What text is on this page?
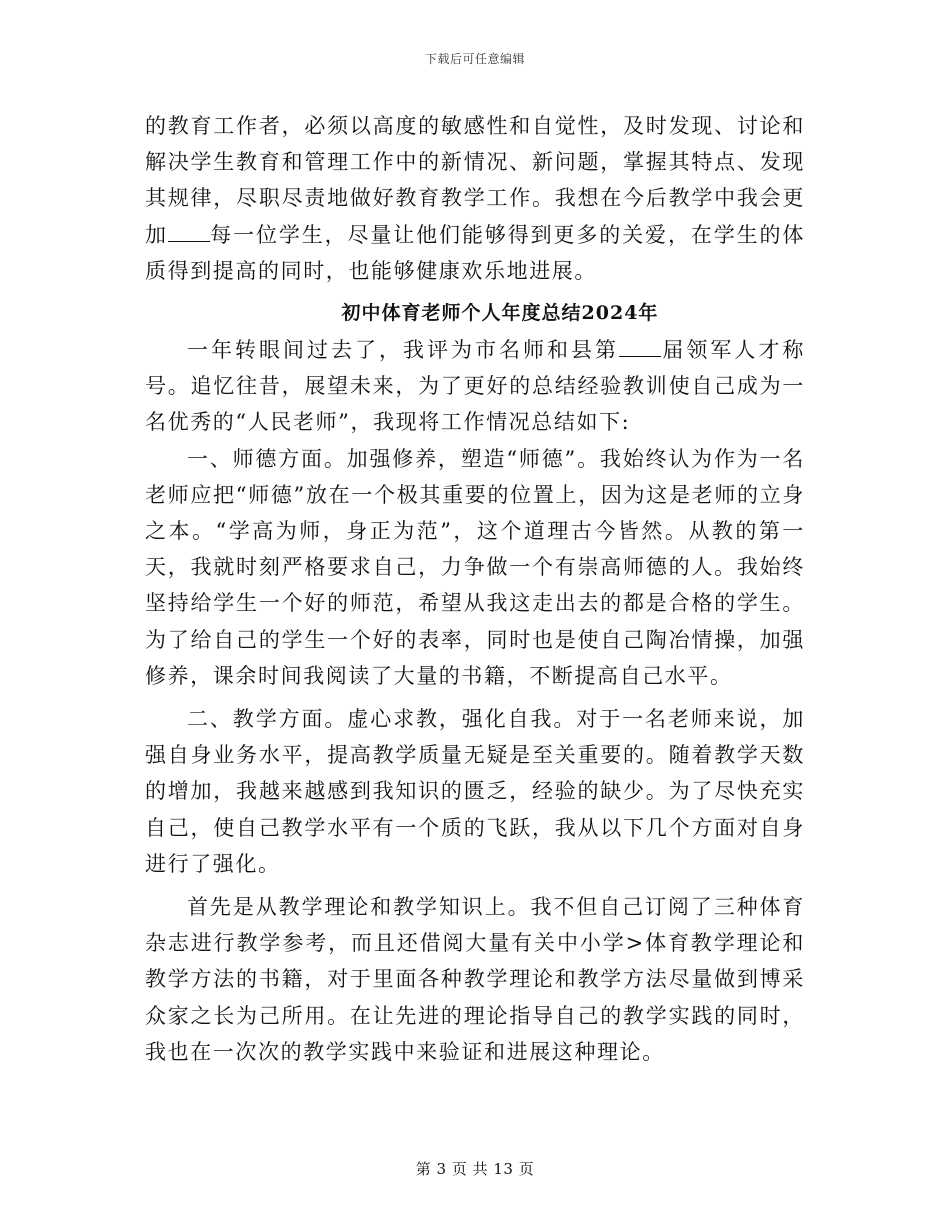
下载后可任意编辑

的教育工作者，必须以高度的敏感性和自觉性，及时发现、讨论和解决学生教育和管理工作中的新情况、新问题，掌握其特点、发现其规律，尽职尽责地做好教育教学工作。我想在今后教学中我会更加 每一位学生，尽量让他们能够得到更多的关爱，在学生的体质得到提高的同时，也能够健康欢乐地进展。

初中体育老师个人年度总结2024年

一年转眼间过去了，我评为市名师和县第 届领军人才称号。追忆往昔，展望未来，为了更好的总结经验教训使自己成为一名优秀的“人民老师”，我现将工作情况总结如下:

一、师德方面。加强修养，塑造“师德”。我始终认为作为一名老师应把“师德”放在一个极其重要的位置上，因为这是老师的立身之本。“学高为师，身正为范”，这个道理古今皆然。从教的第一天，我就时刻严格要求自己，力争做一个有崇高师德的人。我始终坚持给学生一个好的师范，希望从我这走出去的都是合格的学生。为了给自己的学生一个好的表率，同时也是使自己陶冶情操，加强修养，课余时间我阅读了大量的书籍，不断提高自己水平。

二、教学方面。虚心求教，强化自我。对于一名老师来说，加强自身业务水平，提高教学质量无疑是至关重要的。随着教学天数的增加，我越来越感到我知识的匮乏，经验的缺少。为了尽快充实自己，使自己教学水平有一个质的飞跃，我从以下几个方面对自身进行了强化。

首先是从教学理论和教学知识上。我不但自己订阅了三种体育杂志进行教学参考，而且还借阅大量有关中小学>体育教学理论和教学方法的书籍，对于里面各种教学理论和教学方法尽量做到博采众家之长为己所用。在让先进的理论指导自己的教学实践的同时，我也在一次次的教学实践中来验证和进展这种理论。

第 3 页 共 13 页
